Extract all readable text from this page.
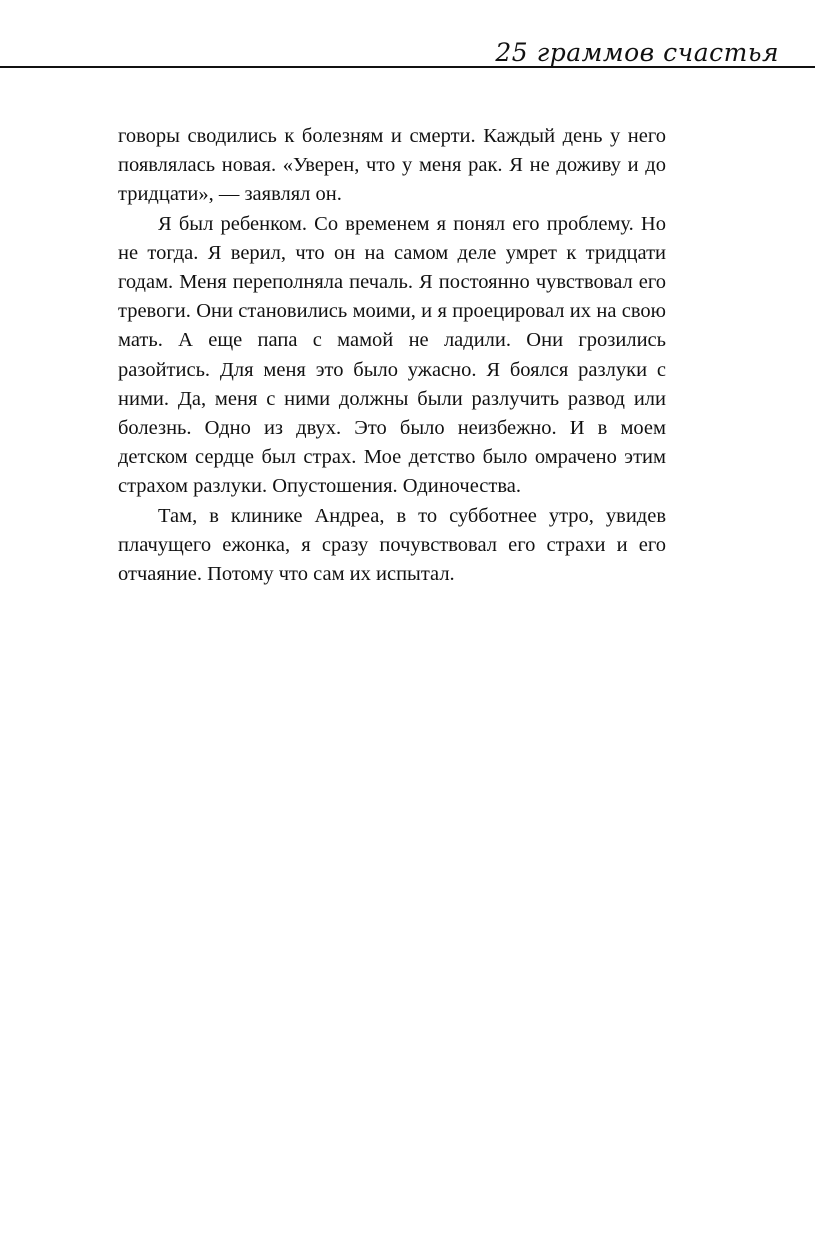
25 граммов счастья

говоры сводились к болезням и смерти. Каждый день у него появлялась новая. «Уверен, что у меня рак. Я не доживу и до тридцати», — заявлял он.

Я был ребенком. Со временем я понял его проблему. Но не тогда. Я верил, что он на самом деле умрет к тридцати годам. Меня переполняла печаль. Я постоянно чувствовал его тревоги. Они становились моими, и я проецировал их на свою мать. А еще папа с мамой не ладили. Они грозились разойтись. Для меня это было ужасно. Я боялся разлуки с ними. Да, меня с ними должны были разлучить развод или болезнь. Одно из двух. Это было неизбежно. И в моем детском сердце был страх. Мое детство было омрачено этим страхом разлуки. Опустошения. Одиночества.

Там, в клинике Андреа, в то субботнее утро, увидев плачущего ежонка, я сразу почувствовал его страхи и его отчаяние. Потому что сам их испытал.
